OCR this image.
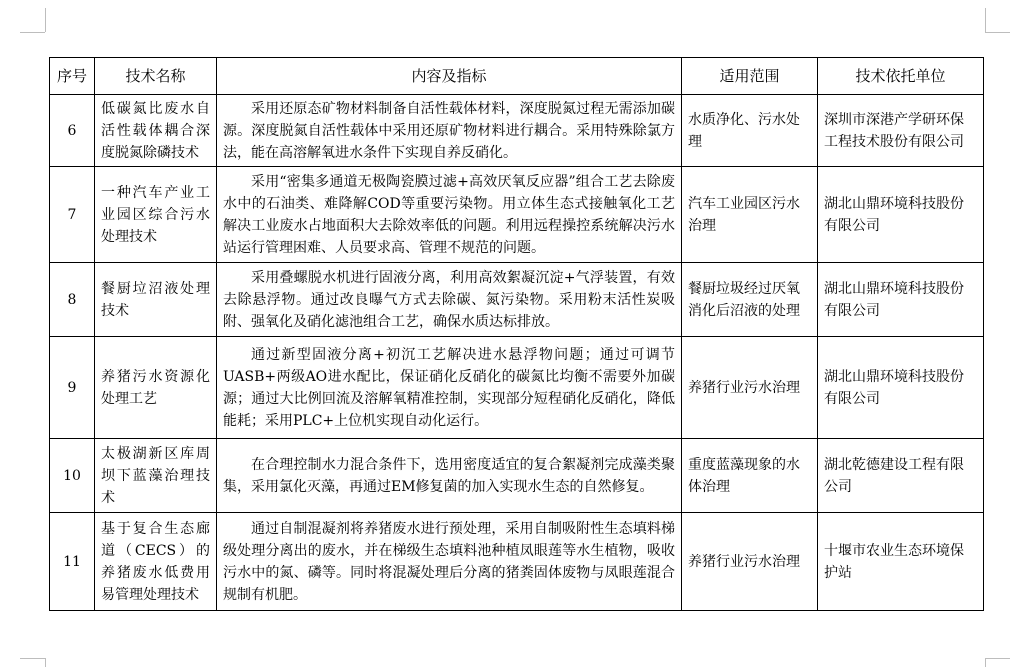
序号	技术名称	内容及指标	适用范围	技术依托单位
6	低碳氮比废水自活性载体耦合深度脱氮除磷技术	采用还原态矿物材料制备自活性载体材料，深度脱氮过程无需添加碳源。深度脱氮自活性载体中采用还原矿物材料进行耦合。采用特殊除氯方法，能在高溶解氧进水条件下实现自养反硝化。	水质净化、污水处理	深圳市深港产学研环保工程技术股份有限公司
7	一种汽车产业工业园区综合污水处理技术	采用“密集多通道无极陶瓷膜过滤+高效厌氧反应器”组合工艺去除废水中的石油类、难降解COD等重要污染物。用立体生态式接触氧化工艺解决工业废水占地面积大去除效率低的问题。利用远程操控系统解决污水站运行管理困难、人员要求高、管理不规范的问题。	汽车工业园区污水治理	湖北山鼎环境科技股份有限公司
8	餐厨垃沼液处理技术	采用叠螺脱水机进行固液分离，利用高效絮凝沉淀+气浮装置，有效去除悬浮物。通过改良曝气方式去除碳、氮污染物。采用粉末活性炭吸附、强氧化及硝化滤池组合工艺，确保水质达标排放。	餐厨垃圾经过厌氧消化后沼液的处理	湖北山鼎环境科技股份有限公司
9	养猪污水资源化处理工艺	通过新型固液分离+初沉工艺解决进水悬浮物问题；通过可调节UASB+两级AO进水配比，保证硝化反硝化的碳氮比均衡不需要外加碳源；通过大比例回流及溶解氧精准控制，实现部分短程硝化反硝化，降低能耗；采用PLC+上位机实现自动化运行。	养猪行业污水治理	湖北山鼎环境科技股份有限公司
10	太极湖新区库周坝下蓝藻治理技术	在合理控制水力混合条件下，选用密度适宜的复合絮凝剂完成藻类聚集，采用氯化灭藻，再通过EM修复菌的加入实现水生态的自然修复。	重度蓝藻现象的水体治理	湖北乾德建设工程有限公司
11	基于复合生态廊道（CECS）的养猪废水低费用易管理处理技术	通过自制混凝剂将养猪废水进行预处理，采用自制吸附性生态填料梯级处理分离出的废水，并在梯级生态填料池种植凤眼莲等水生植物，吸收污水中的氮、磷等。同时将混凝处理后分离的猪粪固体废物与凤眼莲混合规制有机肥。	养猪行业污水治理	十堰市农业生态环境保护站
